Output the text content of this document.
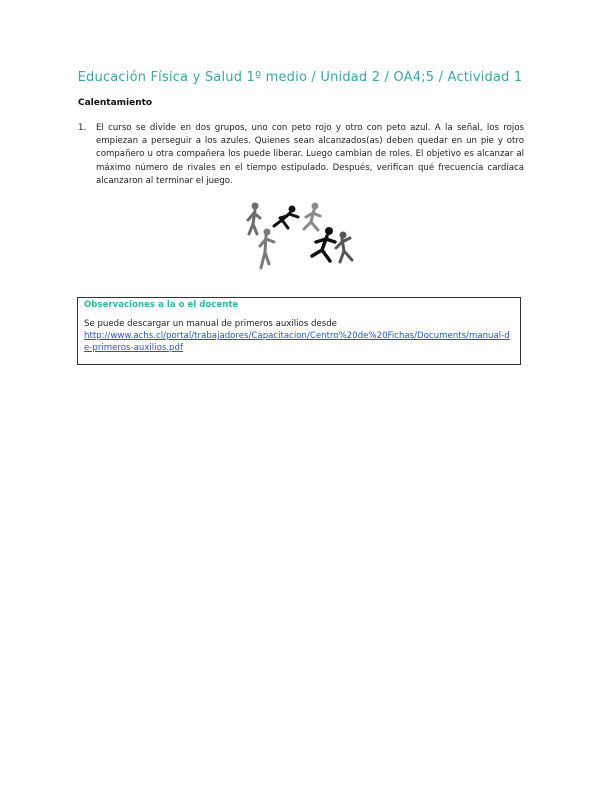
Educación Física y Salud 1º medio / Unidad 2 / OA4;5 / Actividad 1
Calentamiento
1.	El curso se divide en dos grupos, uno con peto rojo y otro con peto azul. A la señal, los rojos empiezan a perseguir a los azules. Quienes sean alcanzados(as) deben quedar en un pie y otro compañero u otra compañera los puede liberar. Luego cambian de roles. El objetivo es alcanzar al máximo número de rivales en el tiempo estipulado. Después, verifican qué frecuencia cardíaca alcanzaron al terminar el juego.
Observaciones a la o el docente
Se puede descargar un manual de primeros auxilios desde
http://www.achs.cl/portal/trabajadores/Capacitacion/Centro%20de%20Fichas/Documents/manual-de-primeros-auxilios.pdf
